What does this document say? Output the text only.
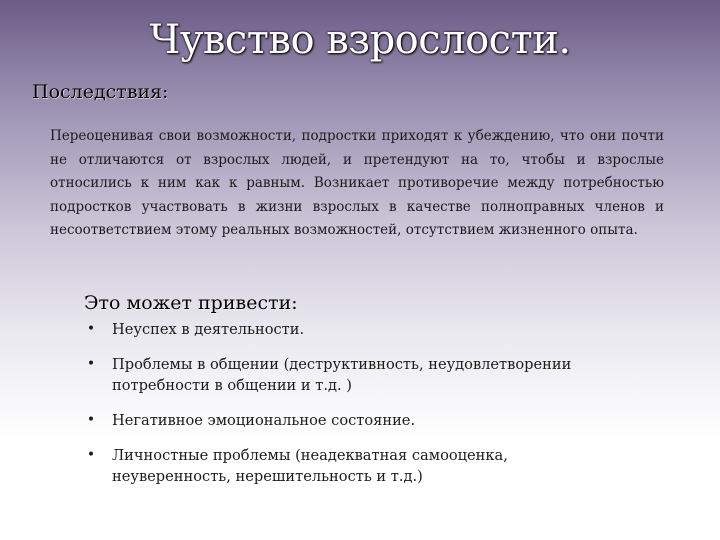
Чувство взрослости.
Последствия:

Переоценивая свои возможности, подростки приходят к убеждению, что они почти не отличаются от взрослых людей, и претендуют на то, чтобы и взрослые относились к ним как к равным. Возникает противоречие между потребностью подростков участвовать в жизни взрослых в качестве полноправных членов и несоответствием этому реальных возможностей, отсутствием жизненного опыта.

Это может привести:
• Неуспех в деятельности.
• Проблемы в общении (деструктивность, неудовлетворении
потребности в общении и т.д. )
• Негативное эмоциональное состояние.
• Личностные проблемы (неадекватная самооценка,
неуверенность, нерешительность и т.д.)
